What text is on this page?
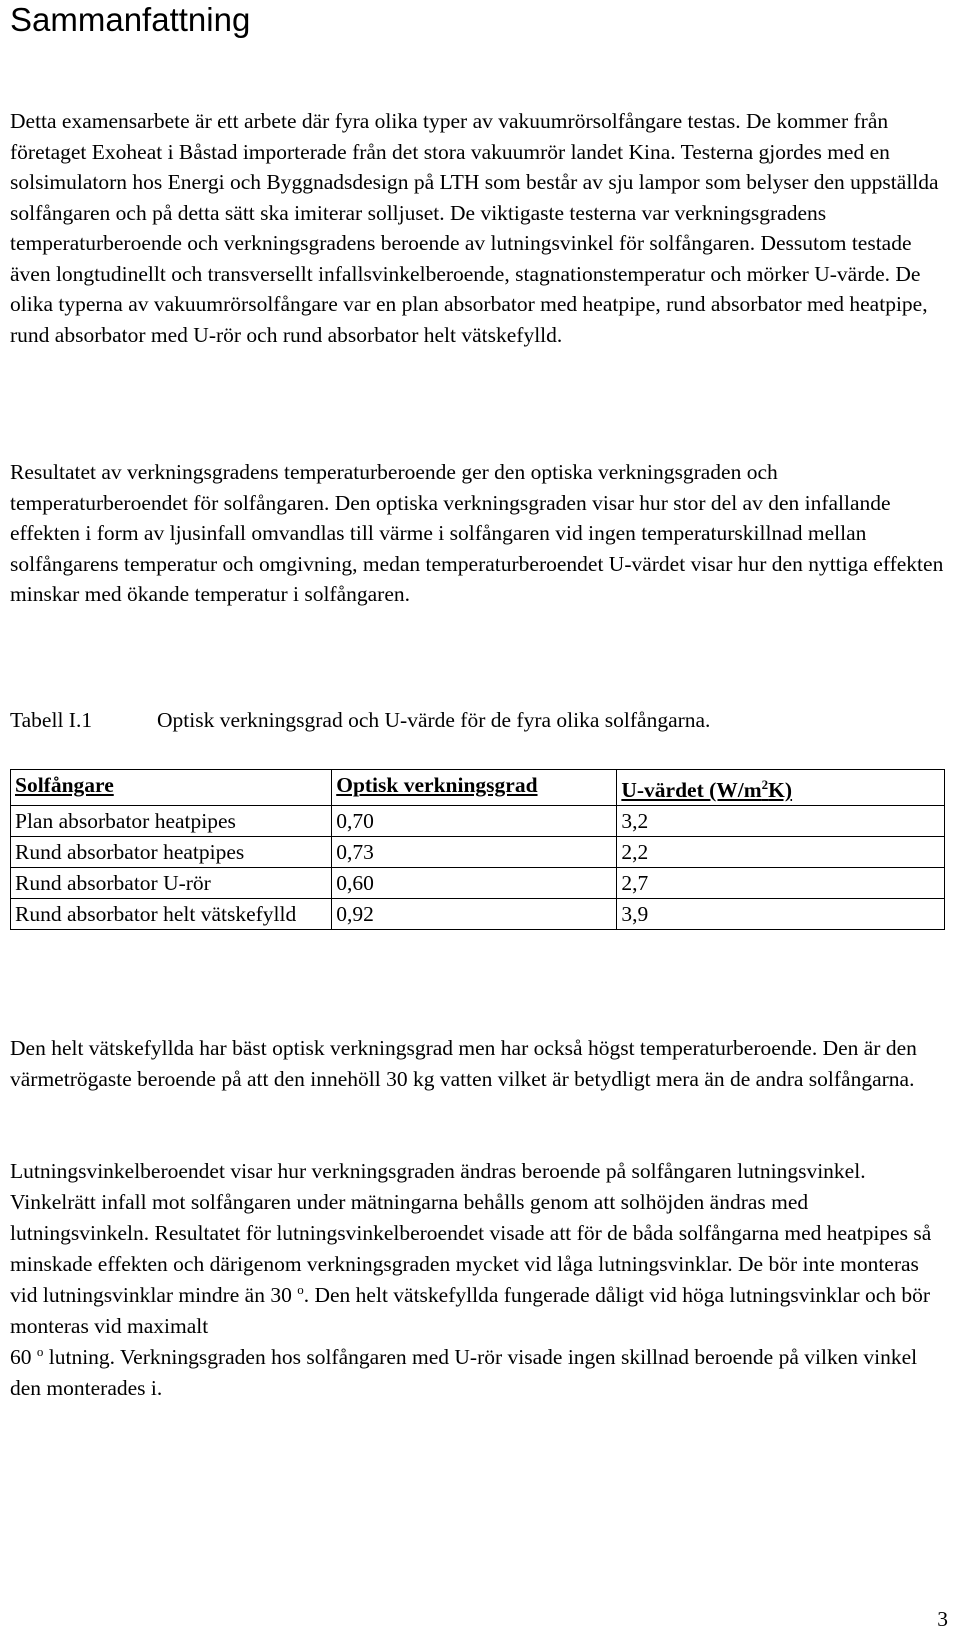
Sammanfattning

Detta examensarbete är ett arbete där fyra olika typer av vakuumrörsolfångare testas. De kommer från företaget Exoheat i Båstad importerade från det stora vakuumrör landet Kina. Testerna gjordes med en solsimulatorn hos Energi och Byggnadsdesign på LTH som består av sju lampor som belyser den uppställda solfångaren och på detta sätt ska imiterar solljuset. De viktigaste testerna var verkningsgradens temperaturberoende och verkningsgradens beroende av lutningsvinkel för solfångaren. Dessutom testade även longtudinellt och transversellt infallsvinkelberoende, stagnationstemperatur och mörker U-värde. De olika typerna av vakuumrörsolfångare var en plan absorbator med heatpipe, rund absorbator med heatpipe, rund absorbator med U-rör och rund absorbator helt vätskefylld.

Resultatet av verkningsgradens temperaturberoende ger den optiska verkningsgraden och temperaturberoendet för solfångaren. Den optiska verkningsgraden visar hur stor del av den infallande effekten i form av ljusinfall omvandlas till värme i solfångaren vid ingen temperaturskillnad mellan solfångarens temperatur och omgivning, medan temperaturberoendet U-värdet visar hur den nyttiga effekten minskar med ökande temperatur i solfångaren.

Tabell I.1	Optisk verkningsgrad och U-värde för de fyra olika solfångarna.
Solfångare	Optisk verkningsgrad	U-värdet $(W/m^2K)$
Plan absorbator heatpipes	0,70	3,2
Rund absorbator heatpipes	0,73	2,2
Rund absorbator U-rör	0,60	2,7
Rund absorbator helt vätskefylld	0,92	3,9

Den helt vätskefyllda har bäst optisk verkningsgrad men har också högst temperaturberoende. Den är den värmetrögaste beroende på att den innehöll 30 kg vatten vilket är betydligt mera än de andra solfångarna.

Lutningsvinkelberoendet visar hur verkningsgraden ändras beroende på solfångaren lutningsvinkel. Vinkelrätt infall mot solfångaren under mätningarna behålls genom att solhöjden ändras med lutningsvinkeln. Resultatet för lutningsvinkelberoendet visade att för de båda solfångarna med heatpipes så minskade effekten och därigenom verkningsgraden mycket vid låga lutningsvinklar. De bör inte monteras vid lutningsvinklar mindre än 30 $^o$. Den helt vätskefyllda fungerade dåligt vid höga lutningsvinklar och bör monteras vid maximalt
60 $^o$ lutning. Verkningsgraden hos solfångaren med U-rör visade ingen skillnad beroende på vilken vinkel den monterades i.

3
